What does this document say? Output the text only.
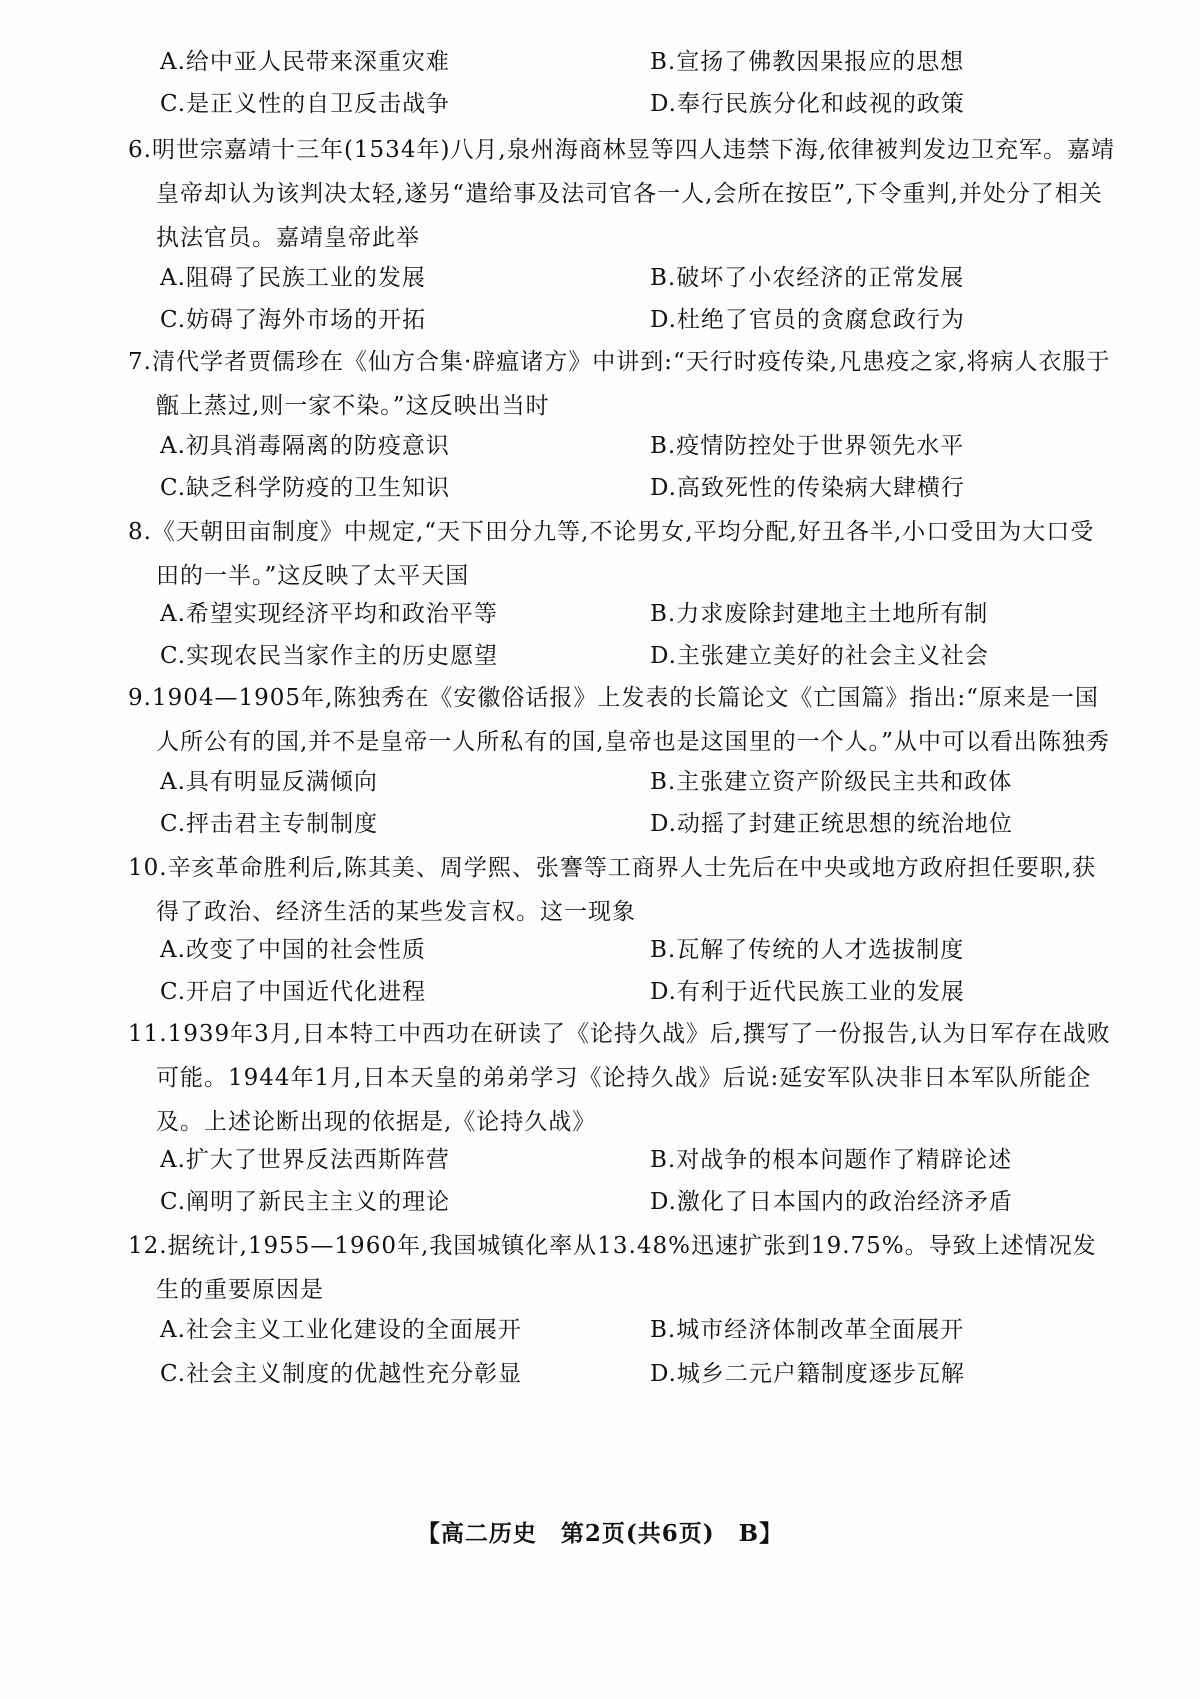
A.给中亚人民带来深重灾难	B.宣扬了佛教因果报应的思想
C.是正义性的自卫反击战争	D.奉行民族分化和歧视的政策
6.明世宗嘉靖十三年(1534年)八月,泉州海商林昱等四人违禁下海,依律被判发边卫充军。嘉靖皇帝却认为该判决太轻,遂另“遣给事及法司官各一人,会所在按臣”,下令重判,并处分了相关执法官员。嘉靖皇帝此举
A.阻碍了民族工业的发展	B.破坏了小农经济的正常发展
C.妨碍了海外市场的开拓	D.杜绝了官员的贪腐怠政行为
7.清代学者贾儒珍在《仙方合集·辟瘟诸方》中讲到:“天行时疫传染,凡患疫之家,将病人衣服于甑上蒸过,则一家不染。”这反映出当时
A.初具消毒隔离的防疫意识	B.疫情防控处于世界领先水平
C.缺乏科学防疫的卫生知识	D.高致死性的传染病大肆横行
8.《天朝田亩制度》中规定,“天下田分九等,不论男女,平均分配,好丑各半,小口受田为大口受田的一半。”这反映了太平天国
A.希望实现经济平均和政治平等	B.力求废除封建地主土地所有制
C.实现农民当家作主的历史愿望	D.主张建立美好的社会主义社会
9.1904—1905年,陈独秀在《安徽俗话报》上发表的长篇论文《亡国篇》指出:“原来是一国人所公有的国,并不是皇帝一人所私有的国,皇帝也是这国里的一个人。”从中可以看出陈独秀
A.具有明显反满倾向	B.主张建立资产阶级民主共和政体
C.抨击君主专制制度	D.动摇了封建正统思想的统治地位
10.辛亥革命胜利后,陈其美、周学熙、张謇等工商界人士先后在中央或地方政府担任要职,获得了政治、经济生活的某些发言权。这一现象
A.改变了中国的社会性质	B.瓦解了传统的人才选拔制度
C.开启了中国近代化进程	D.有利于近代民族工业的发展
11.1939年3月,日本特工中西功在研读了《论持久战》后,撰写了一份报告,认为日军存在战败可能。1944年1月,日本天皇的弟弟学习《论持久战》后说:延安军队决非日本军队所能企及。上述论断出现的依据是,《论持久战》
A.扩大了世界反法西斯阵营	B.对战争的根本问题作了精辟论述
C.阐明了新民主主义的理论	D.激化了日本国内的政治经济矛盾
12.据统计,1955—1960年,我国城镇化率从13.48%迅速扩张到19.75%。导致上述情况发生的重要原因是
A.社会主义工业化建设的全面展开	B.城市经济体制改革全面展开
C.社会主义制度的优越性充分彰显	D.城乡二元户籍制度逐步瓦解
【高二历史　第2页(共6页)　B】
